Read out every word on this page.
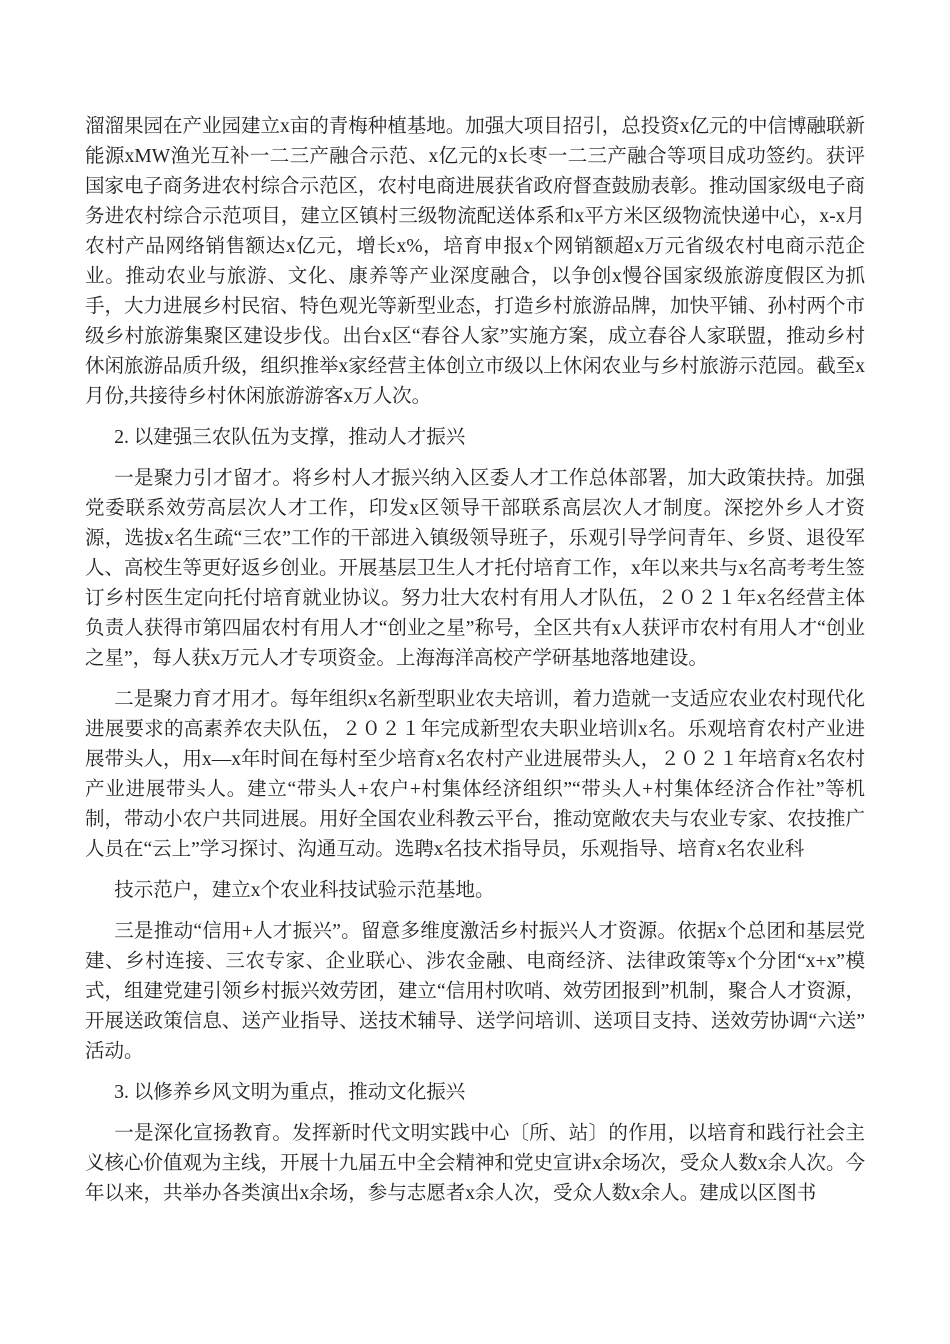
溜溜果园在产业园建立x亩的青梅种植基地。加强大项目招引，总投资x亿元的中信博融联新能源xMW渔光互补一二三产融合示范、x亿元的x长枣一二三产融合等项目成功签约。获评国家电子商务进农村综合示范区，农村电商进展获省政府督查鼓励表彰。推动国家级电子商务进农村综合示范项目，建立区镇村三级物流配送体系和x平方米区级物流快递中心，x-x月农村产品网络销售额达x亿元，增长x%，培育申报x个网销额超x万元省级农村电商示范企业。推动农业与旅游、文化、康养等产业深度融合，以争创x慢谷国家级旅游度假区为抓手，大力进展乡村民宿、特色观光等新型业态，打造乡村旅游品牌，加快平铺、孙村两个市级乡村旅游集聚区建设步伐。出台x区“春谷人家”实施方案，成立春谷人家联盟，推动乡村休闲旅游品质升级，组织推举x家经营主体创立市级以上休闲农业与乡村旅游示范园。截至x月份,共接待乡村休闲旅游游客x万人次。

2. 以建强三农队伍为支撑，推动人才振兴

一是聚力引才留才。将乡村人才振兴纳入区委人才工作总体部署，加大政策扶持。加强党委联系效劳高层次人才工作，印发x区领导干部联系高层次人才制度。深挖外乡人才资源，选拔x名生疏“三农”工作的干部进入镇级领导班子，乐观引导学问青年、乡贤、退役军人、高校生等更好返乡创业。开展基层卫生人才托付培育工作，x年以来共与x名高考考生签订乡村医生定向托付培育就业协议。努力壮大农村有用人才队伍，２０２１年x名经营主体负责人获得市第四届农村有用人才“创业之星”称号，全区共有x人获评市农村有用人才“创业之星”，每人获x万元人才专项资金。上海海洋高校产学研基地落地建设。

二是聚力育才用才。每年组织x名新型职业农夫培训，着力造就一支适应农业农村现代化进展要求的高素养农夫队伍，２０２１年完成新型农夫职业培训x名。乐观培育农村产业进展带头人，用x—x年时间在每村至少培育x名农村产业进展带头人，２０２１年培育x名农村产业进展带头人。建立“带头人+农户+村集体经济组织”“带头人+村集体经济合作社”等机制，带动小农户共同进展。用好全国农业科教云平台，推动宽敞农夫与农业专家、农技推广人员在“云上”学习探讨、沟通互动。选聘x名技术指导员，乐观指导、培育x名农业科

技示范户，建立x个农业科技试验示范基地。

三是推动“信用+人才振兴”。留意多维度激活乡村振兴人才资源。依据x个总团和基层党建、乡村连接、三农专家、企业联心、涉农金融、电商经济、法律政策等x个分团“x+x”模式，组建党建引领乡村振兴效劳团，建立“信用村吹哨、效劳团报到”机制，聚合人才资源，开展送政策信息、送产业指导、送技术辅导、送学问培训、送项目支持、送效劳协调“六送”活动。

3. 以修养乡风文明为重点，推动文化振兴

一是深化宣扬教育。发挥新时代文明实践中心〔所、站〕的作用，以培育和践行社会主义核心价值观为主线，开展十九届五中全会精神和党史宣讲x余场次，受众人数x余人次。今年以来，共举办各类演出x余场，参与志愿者x余人次，受众人数x余人。建成以区图书
